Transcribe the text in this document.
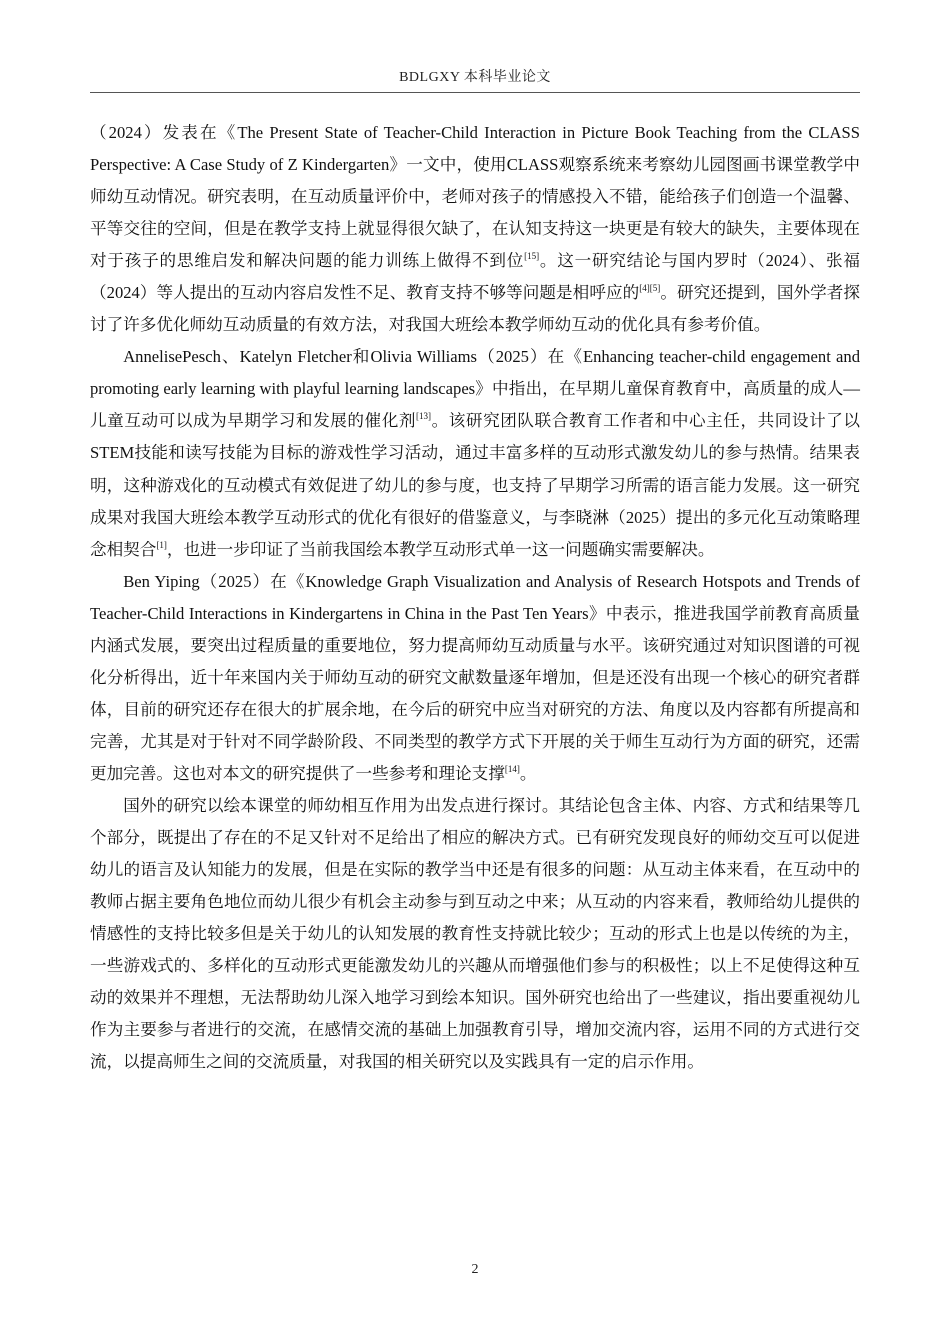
BDLGXY 本科毕业论文

（2024）发表在《The Present State of Teacher-Child Interaction in Picture Book Teaching from the CLASS Perspective: A Case Study of Z Kindergarten》一文中，使用CLASS观察系统来考察幼儿园图画书课堂教学中师幼互动情况。研究表明，在互动质量评价中，老师对孩子的情感投入不错，能给孩子们创造一个温馨、平等交往的空间，但是在教学支持上就显得很欠缺了，在认知支持这一块更是有较大的缺失，主要体现在对于孩子的思维启发和解决问题的能力训练上做得不到位[15]。这一研究结论与国内罗时（2024）、张福（2024）等人提出的互动内容启发性不足、教育支持不够等问题是相呼应的[4][5]。研究还提到，国外学者探讨了许多优化师幼互动质量的有效方法，对我国大班绘本教学师幼互动的优化具有参考价值。

AnnelisePesch、Katelyn Fletcher和Olivia Williams（2025）在《Enhancing teacher-child engagement and promoting early learning with playful learning landscapes》中指出，在早期儿童保育教育中，高质量的成人—儿童互动可以成为早期学习和发展的催化剂[13]。该研究团队联合教育工作者和中心主任，共同设计了以STEM技能和读写技能为目标的游戏性学习活动，通过丰富多样的互动形式激发幼儿的参与热情。结果表明，这种游戏化的互动模式有效促进了幼儿的参与度，也支持了早期学习所需的语言能力发展。这一研究成果对我国大班绘本教学互动形式的优化有很好的借鉴意义，与李晓淋（2025）提出的多元化互动策略理念相契合[1]，也进一步印证了当前我国绘本教学互动形式单一这一问题确实需要解决。

Ben Yiping（2025）在《Knowledge Graph Visualization and Analysis of Research Hotspots and Trends of Teacher-Child Interactions in Kindergartens in China in the Past Ten Years》中表示，推进我国学前教育高质量内涵式发展，要突出过程质量的重要地位，努力提高师幼互动质量与水平。该研究通过对知识图谱的可视化分析得出，近十年来国内关于师幼互动的研究文献数量逐年增加，但是还没有出现一个核心的研究者群体，目前的研究还存在很大的扩展余地，在今后的研究中应当对研究的方法、角度以及内容都有所提高和完善，尤其是对于针对不同学龄阶段、不同类型的教学方式下开展的关于师生互动行为方面的研究，还需更加完善。这也对本文的研究提供了一些参考和理论支撑[14]。

国外的研究以绘本课堂的师幼相互作用为出发点进行探讨。其结论包含主体、内容、方式和结果等几个部分，既提出了存在的不足又针对不足给出了相应的解决方式。已有研究发现良好的师幼交互可以促进幼儿的语言及认知能力的发展，但是在实际的教学当中还是有很多的问题：从互动主体来看，在互动中的教师占据主要角色地位而幼儿很少有机会主动参与到互动之中来；从互动的内容来看，教师给幼儿提供的情感性的支持比较多但是关于幼儿的认知发展的教育性支持就比较少；互动的形式上也是以传统的为主，一些游戏式的、多样化的互动形式更能激发幼儿的兴趣从而增强他们参与的积极性；以上不足使得这种互动的效果并不理想，无法帮助幼儿深入地学习到绘本知识。国外研究也给出了一些建议，指出要重视幼儿作为主要参与者进行的交流，在感情交流的基础上加强教育引导，增加交流内容，运用不同的方式进行交流，以提高师生之间的交流质量，对我国的相关研究以及实践具有一定的启示作用。

2
